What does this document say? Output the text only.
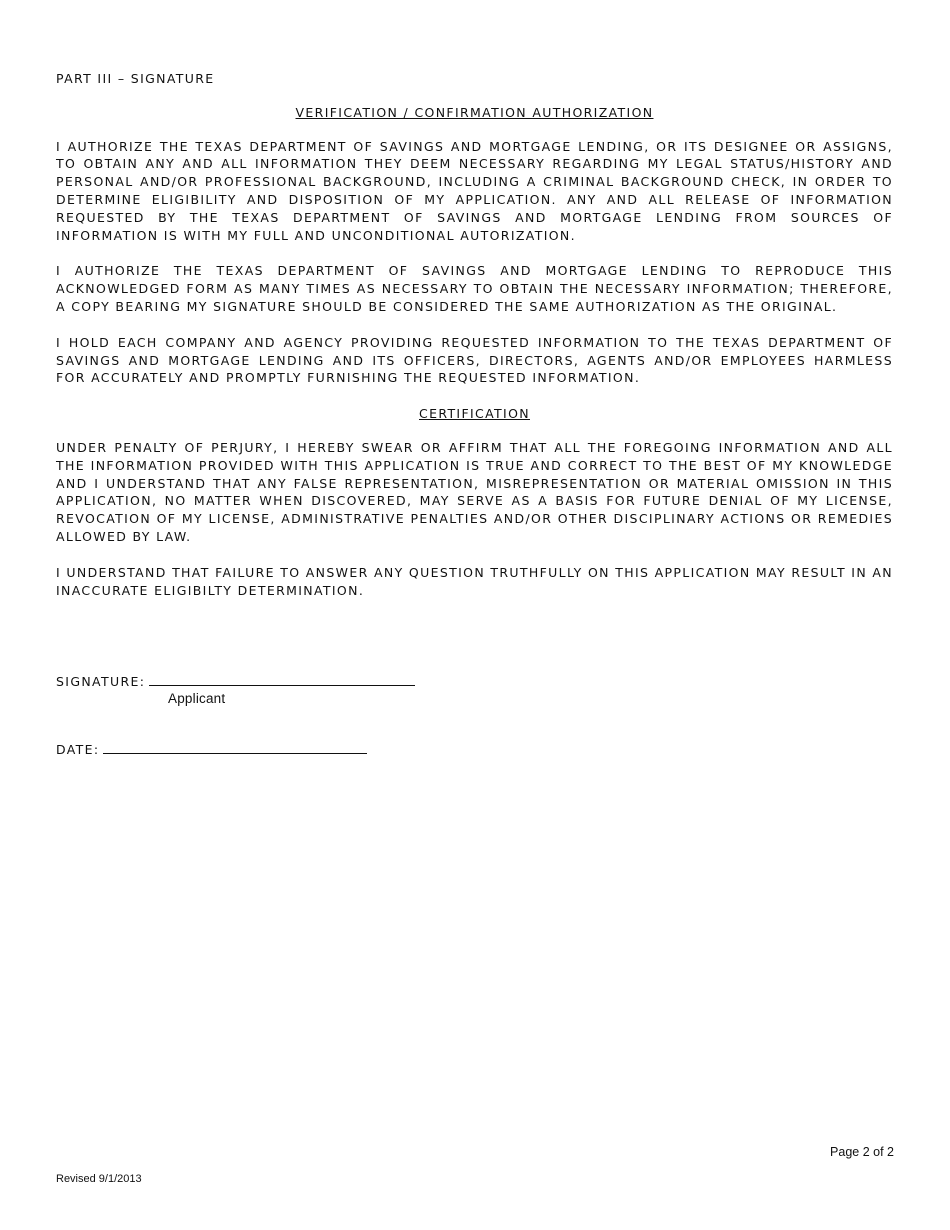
PART III – SIGNATURE
VERIFICATION / CONFIRMATION AUTHORIZATION
I AUTHORIZE THE TEXAS DEPARTMENT OF SAVINGS AND MORTGAGE LENDING, OR ITS DESIGNEE OR ASSIGNS, TO OBTAIN ANY AND ALL INFORMATION THEY DEEM NECESSARY REGARDING MY LEGAL STATUS/HISTORY AND PERSONAL AND/OR PROFESSIONAL BACKGROUND, INCLUDING A CRIMINAL BACKGROUND CHECK, IN ORDER TO DETERMINE ELIGIBILITY AND DISPOSITION OF MY APPLICATION. ANY AND ALL RELEASE OF INFORMATION REQUESTED BY THE TEXAS DEPARTMENT OF SAVINGS AND MORTGAGE LENDING FROM SOURCES OF INFORMATION IS WITH MY FULL AND UNCONDITIONAL AUTORIZATION.
I AUTHORIZE THE TEXAS DEPARTMENT OF SAVINGS AND MORTGAGE LENDING TO REPRODUCE THIS ACKNOWLEDGED FORM AS MANY TIMES AS NECESSARY TO OBTAIN THE NECESSARY INFORMATION; THEREFORE, A COPY BEARING MY SIGNATURE SHOULD BE CONSIDERED THE SAME AUTHORIZATION AS THE ORIGINAL.
I HOLD EACH COMPANY AND AGENCY PROVIDING REQUESTED INFORMATION TO THE TEXAS DEPARTMENT OF SAVINGS AND MORTGAGE LENDING AND ITS OFFICERS, DIRECTORS, AGENTS AND/OR EMPLOYEES HARMLESS FOR ACCURATELY AND PROMPTLY FURNISHING THE REQUESTED INFORMATION.
CERTIFICATION
UNDER PENALTY OF PERJURY, I HEREBY SWEAR OR AFFIRM THAT ALL THE FOREGOING INFORMATION AND ALL THE INFORMATION PROVIDED WITH THIS APPLICATION IS TRUE AND CORRECT TO THE BEST OF MY KNOWLEDGE AND I UNDERSTAND THAT ANY FALSE REPRESENTATION, MISREPRESENTATION OR MATERIAL OMISSION IN THIS APPLICATION, NO MATTER WHEN DISCOVERED, MAY SERVE AS A BASIS FOR FUTURE DENIAL OF MY LICENSE, REVOCATION OF MY LICENSE, ADMINISTRATIVE PENALTIES AND/OR OTHER DISCIPLINARY ACTIONS OR REMEDIES ALLOWED BY LAW.
I UNDERSTAND THAT FAILURE TO ANSWER ANY QUESTION TRUTHFULLY ON THIS APPLICATION MAY RESULT IN AN INACCURATE ELIGIBILTY DETERMINATION.
SIGNATURE:
Applicant
DATE:
Page 2 of 2
Revised 9/1/2013
